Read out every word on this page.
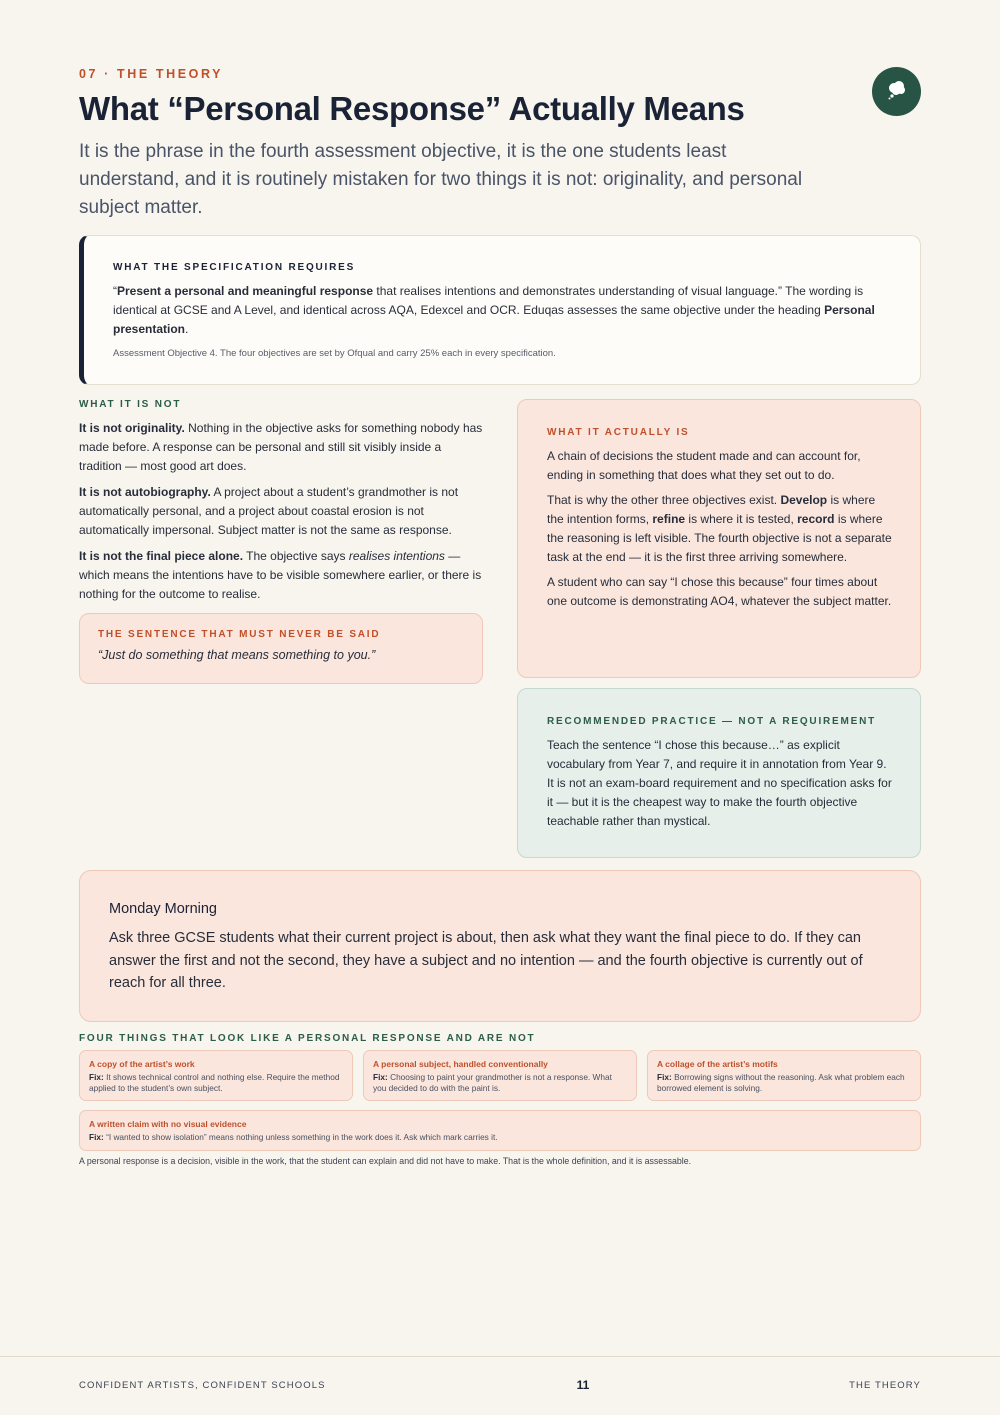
07 · THE THEORY
What “Personal Response” Actually Means

It is the phrase in the fourth assessment objective, it is the one students least understand, and it is routinely mistaken for two things it is not: originality, and personal subject matter.

WHAT THE SPECIFICATION REQUIRES

“Present a personal and meaningful response that realises intentions and demonstrates understanding of visual language.” The wording is identical at GCSE and A Level, and identical across AQA, Edexcel and OCR. Eduqas assesses the same objective under the heading Personal presentation.

Assessment Objective 4. The four objectives are set by Ofqual and carry 25% each in every specification.

WHAT IT IS NOT

It is not originality. Nothing in the objective asks for something nobody has made before. A response can be personal and still sit visibly inside a tradition — most good art does.

It is not autobiography. A project about a student’s grandmother is not automatically personal, and a project about coastal erosion is not automatically impersonal. Subject matter is not the same as response.

It is not the final piece alone. The objective says realises intentions — which means the intentions have to be visible somewhere earlier, or there is nothing for the outcome to realise.

THE SENTENCE THAT MUST NEVER BE SAID

“Just do something that means something to you.”

WHAT IT ACTUALLY IS

A chain of decisions the student made and can account for, ending in something that does what they set out to do.

That is why the other three objectives exist. Develop is where the intention forms, refine is where it is tested, record is where the reasoning is left visible. The fourth objective is not a separate task at the end — it is the first three arriving somewhere.

A student who can say “I chose this because” four times about one outcome is demonstrating AO4, whatever the subject matter.

RECOMMENDED PRACTICE — NOT A REQUIREMENT

Teach the sentence “I chose this because…” as explicit vocabulary from Year 7, and require it in annotation from Year 9. It is not an exam-board requirement and no specification asks for it — but it is the cheapest way to make the fourth objective teachable rather than mystical.

Monday Morning

Ask three GCSE students what their current project is about, then ask what they want the final piece to do. If they can answer the first and not the second, they have a subject and no intention — and the fourth objective is currently out of reach for all three.

FOUR THINGS THAT LOOK LIKE A PERSONAL RESPONSE AND ARE NOT
A copy of the artist’s work
Fix: It shows technical control and nothing else. Require the method applied to the student’s own subject.
A personal subject, handled conventionally
Fix: Choosing to paint your grandmother is not a response. What you decided to do with the paint is.
A collage of the artist’s motifs
Fix: Borrowing signs without the reasoning. Ask what problem each borrowed element is solving.
A written claim with no visual evidence
Fix: “I wanted to show isolation” means nothing unless something in the work does it. Ask which mark carries it.

A personal response is a decision, visible in the work, that the student can explain and did not have to make. That is the whole definition, and it is assessable.

CONFIDENT ARTISTS, CONFIDENT SCHOOLS	11	THE THEORY
